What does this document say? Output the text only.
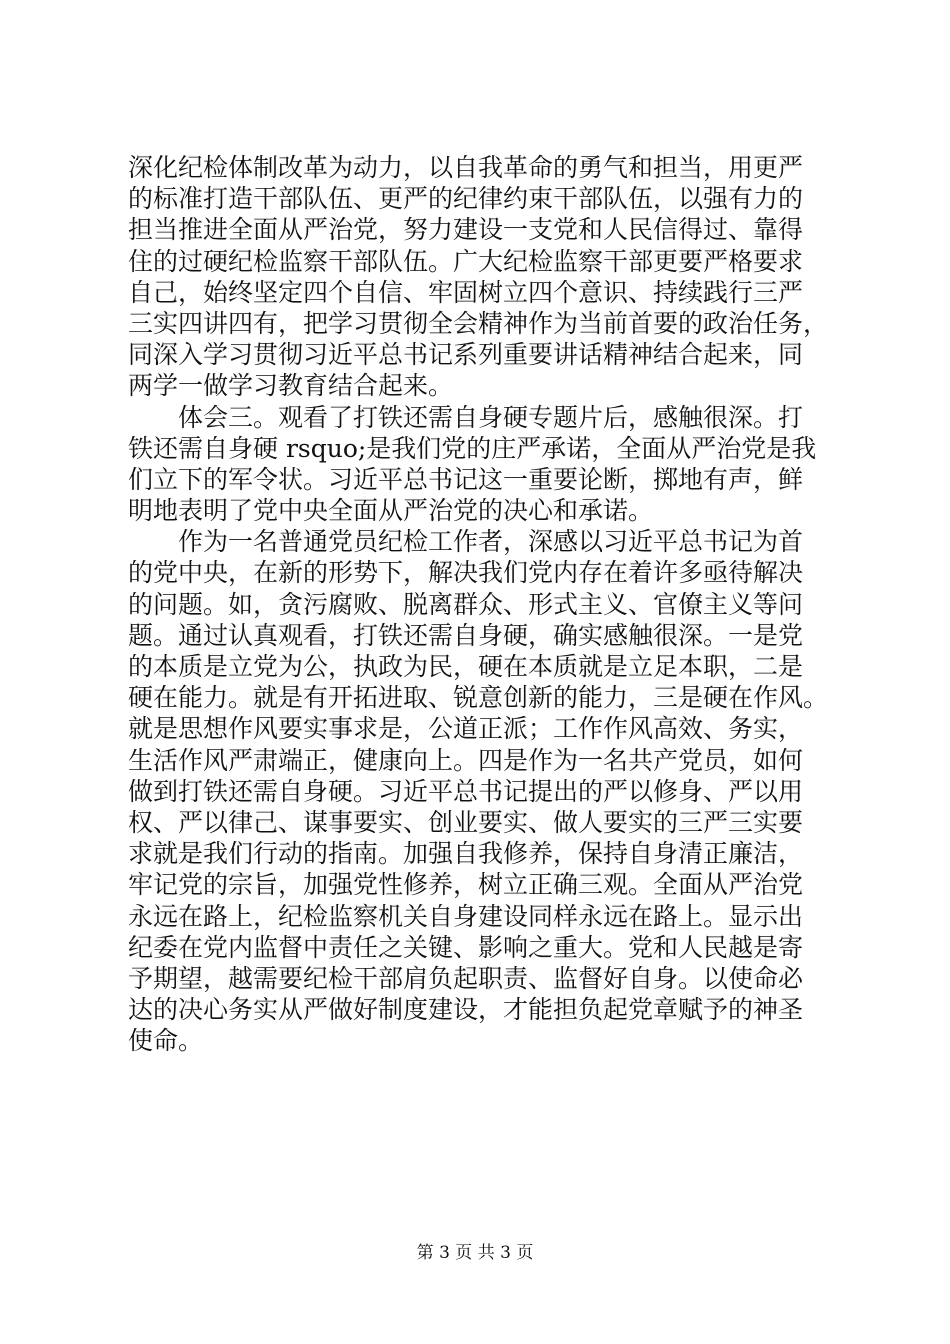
深化纪检体制改革为动力，以自我革命的勇气和担当，用更严
的标准打造干部队伍、更严的纪律约束干部队伍，以强有力的
担当推进全面从严治党，努力建设一支党和人民信得过、靠得
住的过硬纪检监察干部队伍。广大纪检监察干部更要严格要求
自己，始终坚定四个自信、牢固树立四个意识、持续践行三严
三实四讲四有，把学习贯彻全会精神作为当前首要的政治任务，
同深入学习贯彻习近平总书记系列重要讲话精神结合起来，同
两学一做学习教育结合起来。
　　体会三。观看了打铁还需自身硬专题片后，感触很深。打
铁还需自身硬 rsquo;是我们党的庄严承诺，全面从严治党是我
们立下的军令状。习近平总书记这一重要论断，掷地有声，鲜
明地表明了党中央全面从严治党的决心和承诺。
　　作为一名普通党员纪检工作者，深感以习近平总书记为首
的党中央，在新的形势下，解决我们党内存在着许多亟待解决
的问题。如，贪污腐败、脱离群众、形式主义、官僚主义等问
题。通过认真观看，打铁还需自身硬，确实感触很深。一是党
的本质是立党为公，执政为民，硬在本质就是立足本职，二是
硬在能力。就是有开拓进取、锐意创新的能力，三是硬在作风。
就是思想作风要实事求是，公道正派；工作作风高效、务实，
生活作风严肃端正，健康向上。四是作为一名共产党员，如何
做到打铁还需自身硬。习近平总书记提出的严以修身、严以用
权、严以律己、谋事要实、创业要实、做人要实的三严三实要
求就是我们行动的指南。加强自我修养，保持自身清正廉洁，
牢记党的宗旨，加强党性修养，树立正确三观。全面从严治党
永远在路上，纪检监察机关自身建设同样永远在路上。显示出
纪委在党内监督中责任之关键、影响之重大。党和人民越是寄
予期望，越需要纪检干部肩负起职责、监督好自身。以使命必
达的决心务实从严做好制度建设，才能担负起党章赋予的神圣
使命。
第 3 页 共 3 页
